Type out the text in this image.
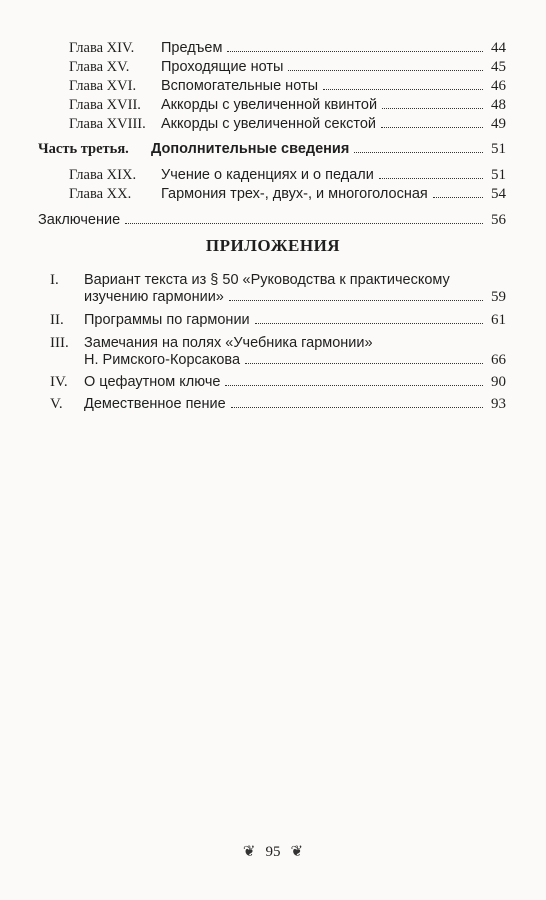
Глава XIV.	Предъем	44
Глава XV.	Проходящие ноты	45
Глава XVI.	Вспомогательные ноты	46
Глава XVII.	Аккорды с увеличенной квинтой	48
Глава XVIII.	Аккорды с увеличенной секстой	49
Часть третья.	Дополнительные сведения	51
Глава XIX.	Учение о каденциях и о педали	51
Глава XX.	Гармония трех-, двух-, и многоголосная	54
Заключение	56
ПРИЛОЖЕНИЯ
I. Вариант текста из § 50 «Руководства к практическому
изучению гармонии»	59
II. Программы по гармонии	61
III. Замечания на полях «Учебника гармонии»
Н. Римского-Корсакова	66
IV. О цефаутном ключе	90
V. Демественное пение	93
❦ 95 ❦
